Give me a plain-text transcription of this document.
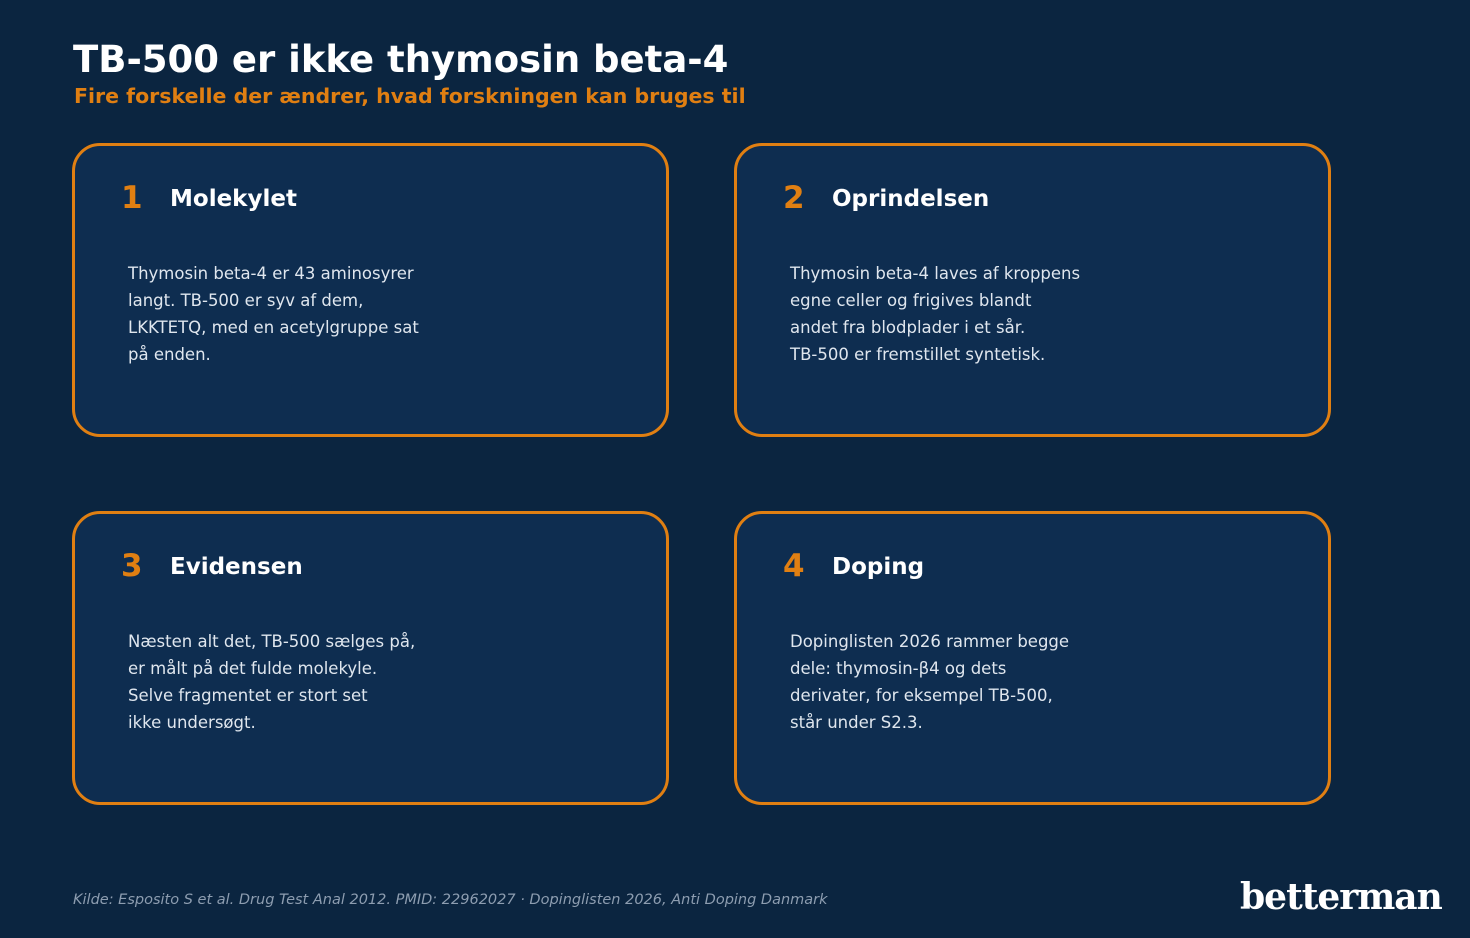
TB-500 er ikke thymosin beta-4
Fire forskelle der ændrer, hvad forskningen kan bruges til
1 Molekylet

Thymosin beta-4 er 43 aminosyrer
langt. TB-500 er syv af dem,
LKKTETQ, med en acetylgruppe sat
på enden.

2 Oprindelsen

Thymosin beta-4 laves af kroppens
egne celler og frigives blandt
andet fra blodplader i et sår.
TB-500 er fremstillet syntetisk.

3 Evidensen

Næsten alt det, TB-500 sælges på,
er målt på det fulde molekyle.
Selve fragmentet er stort set
ikke undersøgt.

4 Doping

Dopinglisten 2026 rammer begge
dele: thymosin-β4 og dets
derivater, for eksempel TB-500,
står under S2.3.

Kilde: Esposito S et al. Drug Test Anal 2012. PMID: 22962027 · Dopinglisten 2026, Anti Doping Danmark	betterman
